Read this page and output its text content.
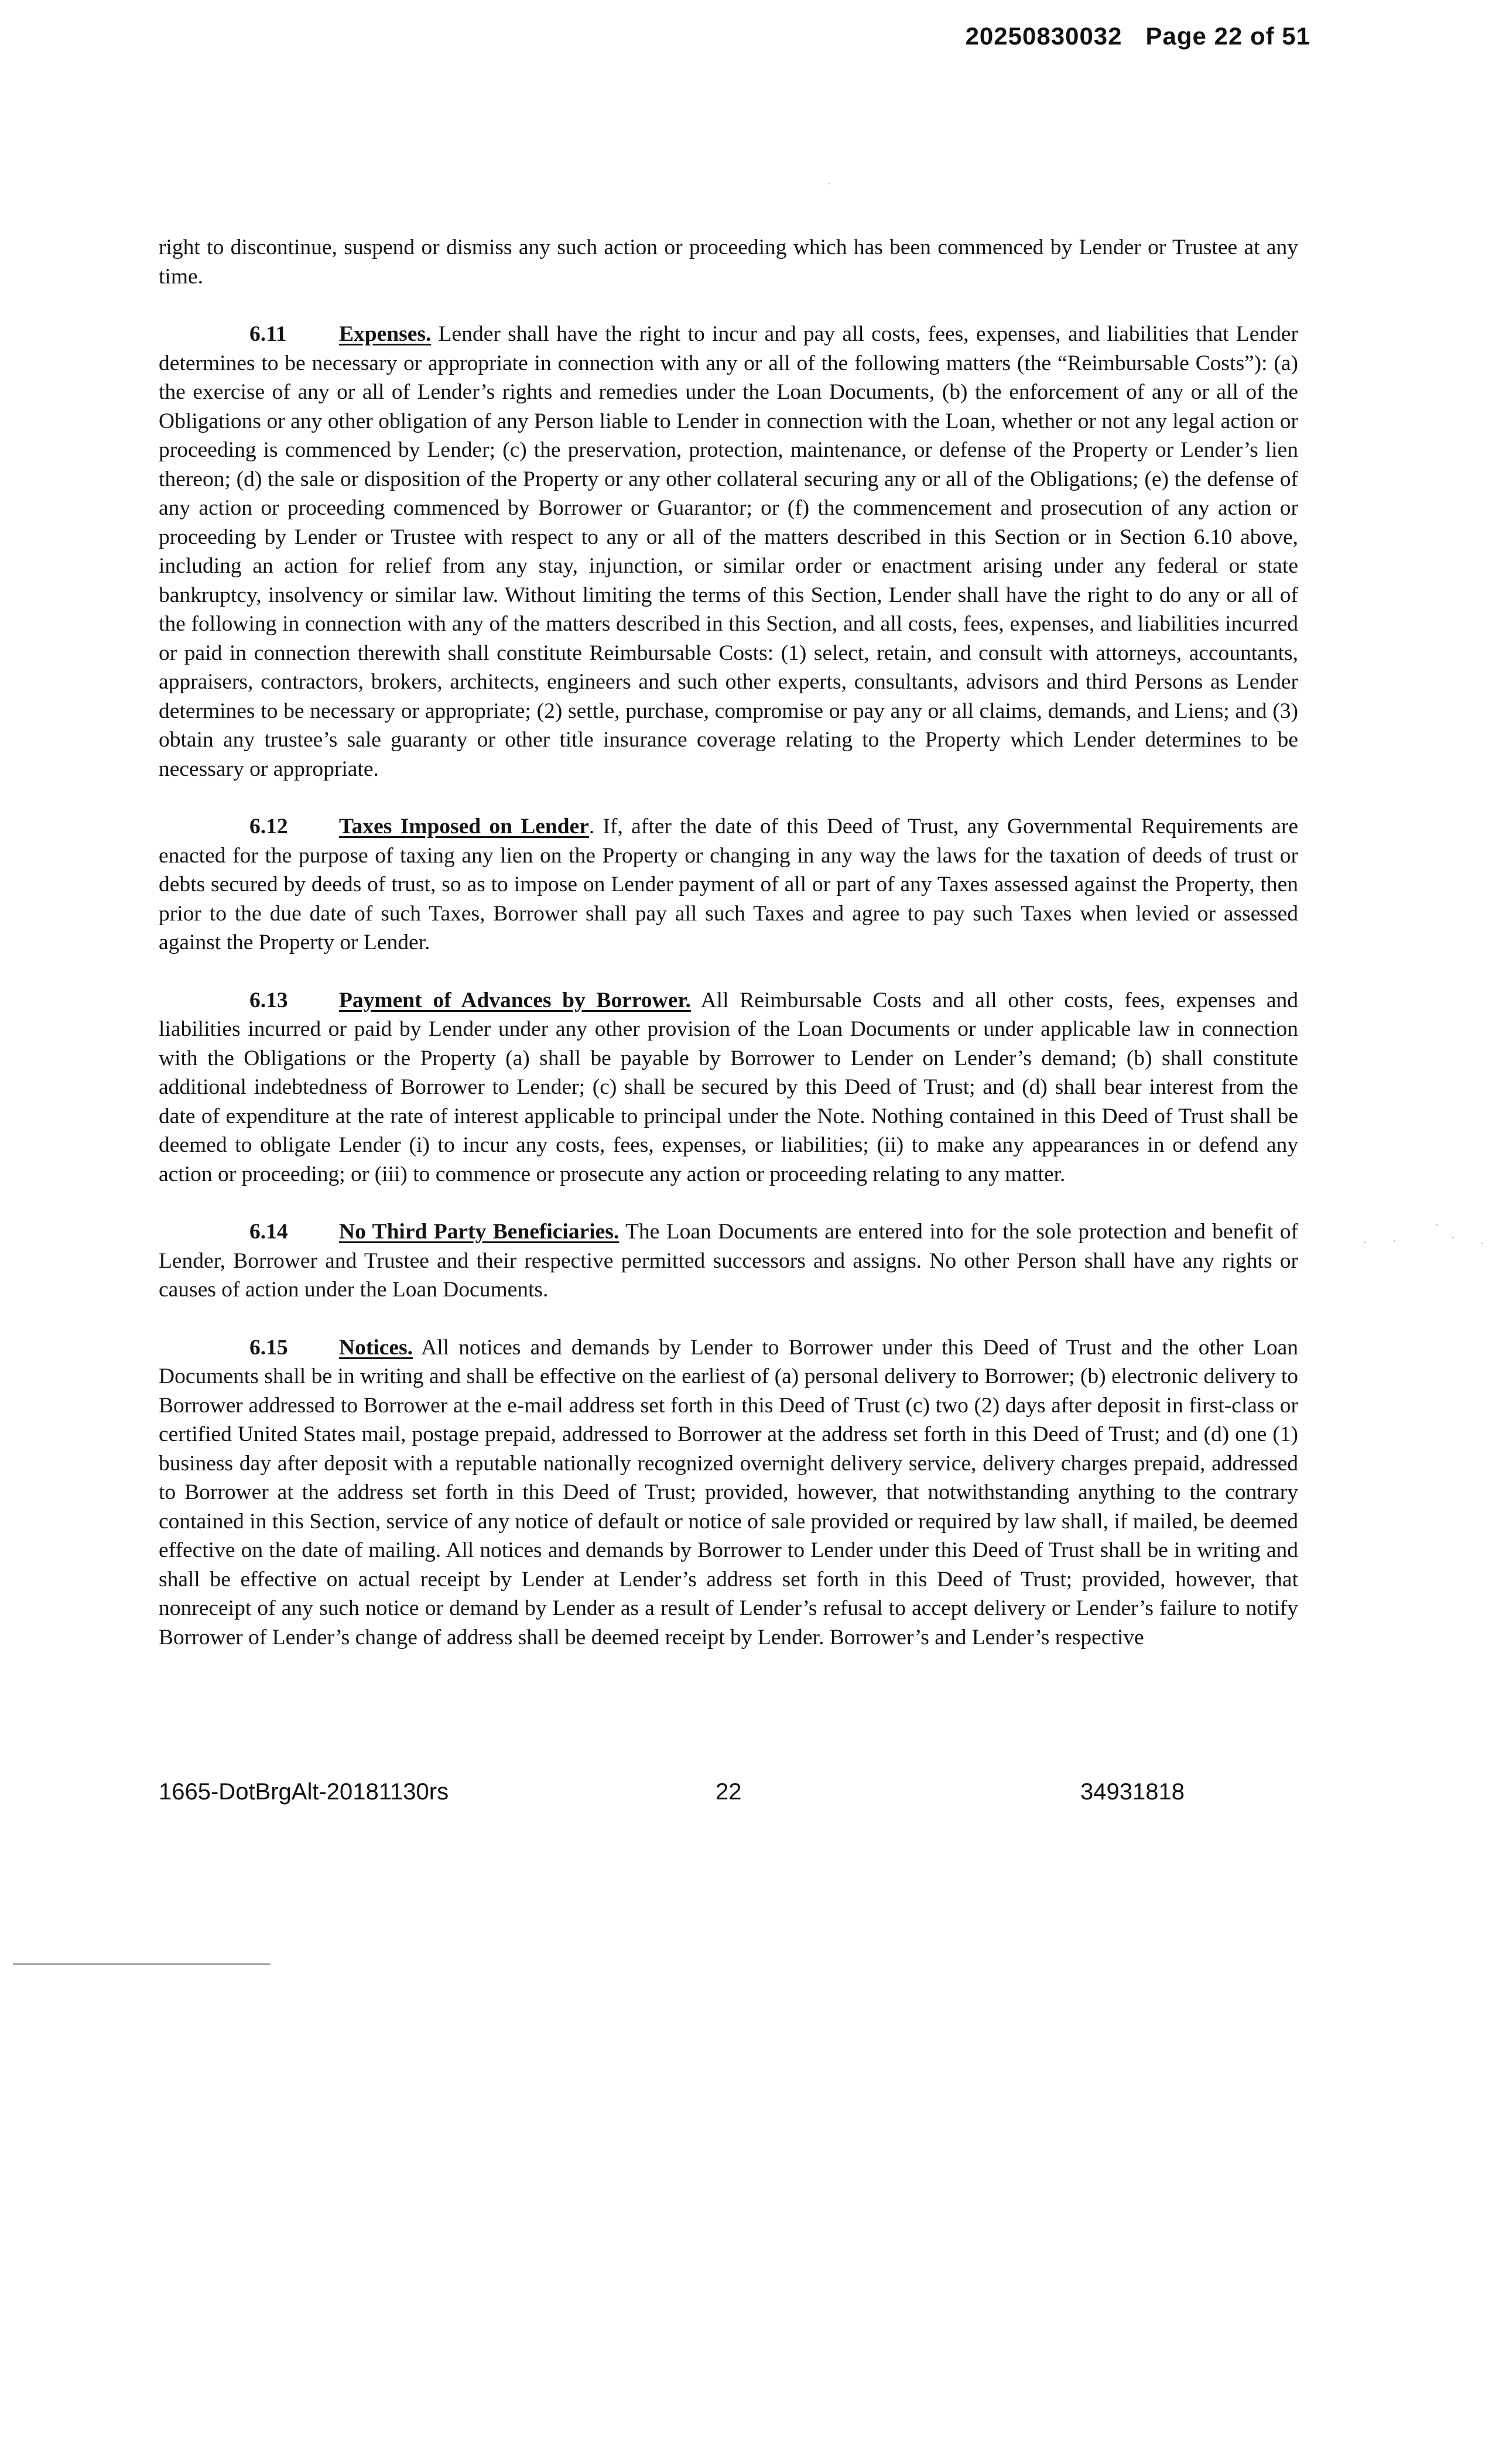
20250830032 Page 22 of 51

right to discontinue, suspend or dismiss any such action or proceeding which has been commenced by Lender or Trustee at any time.

6.11 Expenses. Lender shall have the right to incur and pay all costs, fees, expenses, and liabilities that Lender determines to be necessary or appropriate in connection with any or all of the following matters (the “Reimbursable Costs”): (a) the exercise of any or all of Lender’s rights and remedies under the Loan Documents, (b) the enforcement of any or all of the Obligations or any other obligation of any Person liable to Lender in connection with the Loan, whether or not any legal action or proceeding is commenced by Lender; (c) the preservation, protection, maintenance, or defense of the Property or Lender’s lien thereon; (d) the sale or disposition of the Property or any other collateral securing any or all of the Obligations; (e) the defense of any action or proceeding commenced by Borrower or Guarantor; or (f) the commencement and prosecution of any action or proceeding by Lender or Trustee with respect to any or all of the matters described in this Section or in Section 6.10 above, including an action for relief from any stay, injunction, or similar order or enactment arising under any federal or state bankruptcy, insolvency or similar law. Without limiting the terms of this Section, Lender shall have the right to do any or all of the following in connection with any of the matters described in this Section, and all costs, fees, expenses, and liabilities incurred or paid in connection therewith shall constitute Reimbursable Costs: (1) select, retain, and consult with attorneys, accountants, appraisers, contractors, brokers, architects, engineers and such other experts, consultants, advisors and third Persons as Lender determines to be necessary or appropriate; (2) settle, purchase, compromise or pay any or all claims, demands, and Liens; and (3) obtain any trustee’s sale guaranty or other title insurance coverage relating to the Property which Lender determines to be necessary or appropriate.

6.12 Taxes Imposed on Lender. If, after the date of this Deed of Trust, any Governmental Requirements are enacted for the purpose of taxing any lien on the Property or changing in any way the laws for the taxation of deeds of trust or debts secured by deeds of trust, so as to impose on Lender payment of all or part of any Taxes assessed against the Property, then prior to the due date of such Taxes, Borrower shall pay all such Taxes and agree to pay such Taxes when levied or assessed against the Property or Lender.

6.13 Payment of Advances by Borrower. All Reimbursable Costs and all other costs, fees, expenses and liabilities incurred or paid by Lender under any other provision of the Loan Documents or under applicable law in connection with the Obligations or the Property (a) shall be payable by Borrower to Lender on Lender’s demand; (b) shall constitute additional indebtedness of Borrower to Lender; (c) shall be secured by this Deed of Trust; and (d) shall bear interest from the date of expenditure at the rate of interest applicable to principal under the Note. Nothing contained in this Deed of Trust shall be deemed to obligate Lender (i) to incur any costs, fees, expenses, or liabilities; (ii) to make any appearances in or defend any action or proceeding; or (iii) to commence or prosecute any action or proceeding relating to any matter.

6.14 No Third Party Beneficiaries. The Loan Documents are entered into for the sole protection and benefit of Lender, Borrower and Trustee and their respective permitted successors and assigns. No other Person shall have any rights or causes of action under the Loan Documents.

6.15 Notices. All notices and demands by Lender to Borrower under this Deed of Trust and the other Loan Documents shall be in writing and shall be effective on the earliest of (a) personal delivery to Borrower; (b) electronic delivery to Borrower addressed to Borrower at the e-mail address set forth in this Deed of Trust (c) two (2) days after deposit in first-class or certified United States mail, postage prepaid, addressed to Borrower at the address set forth in this Deed of Trust; and (d) one (1) business day after deposit with a reputable nationally recognized overnight delivery service, delivery charges prepaid, addressed to Borrower at the address set forth in this Deed of Trust; provided, however, that notwithstanding anything to the contrary contained in this Section, service of any notice of default or notice of sale provided or required by law shall, if mailed, be deemed effective on the date of mailing. All notices and demands by Borrower to Lender under this Deed of Trust shall be in writing and shall be effective on actual receipt by Lender at Lender’s address set forth in this Deed of Trust; provided, however, that nonreceipt of any such notice or demand by Lender as a result of Lender’s refusal to accept delivery or Lender’s failure to notify Borrower of Lender’s change of address shall be deemed receipt by Lender. Borrower’s and Lender’s respective

1665-DotBrgAlt-20181130rs	22	34931818
